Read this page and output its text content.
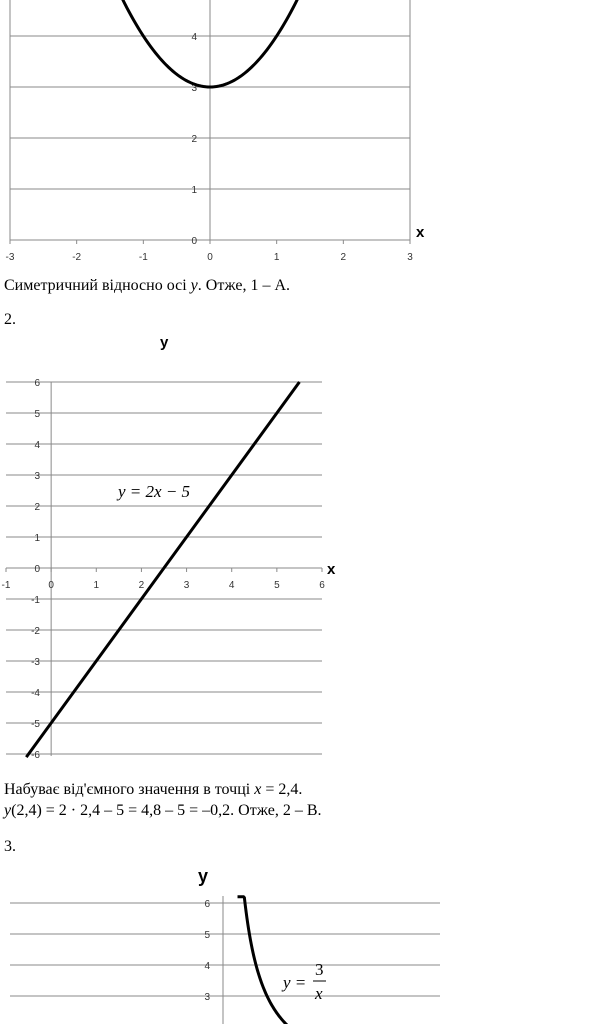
0
1
2
3
4
-3	-2	-1	0	1	2	3
x

Симетричний відносно осі y. Отже, 1 – А.

2.

-6
-5
-4
-3
-2
-1
0
1
2
3
4
5
6
-1	0	1	2	3	4	5	6
y
x
y = 2x − 5

Набуває від'ємного значення в точці x = 2,4.

y(2,4) = 2 · 2,4 – 5 = 4,8 – 5 = –0,2. Отже, 2 – В.

3.

3
4
5
6
y
y =
3
x
